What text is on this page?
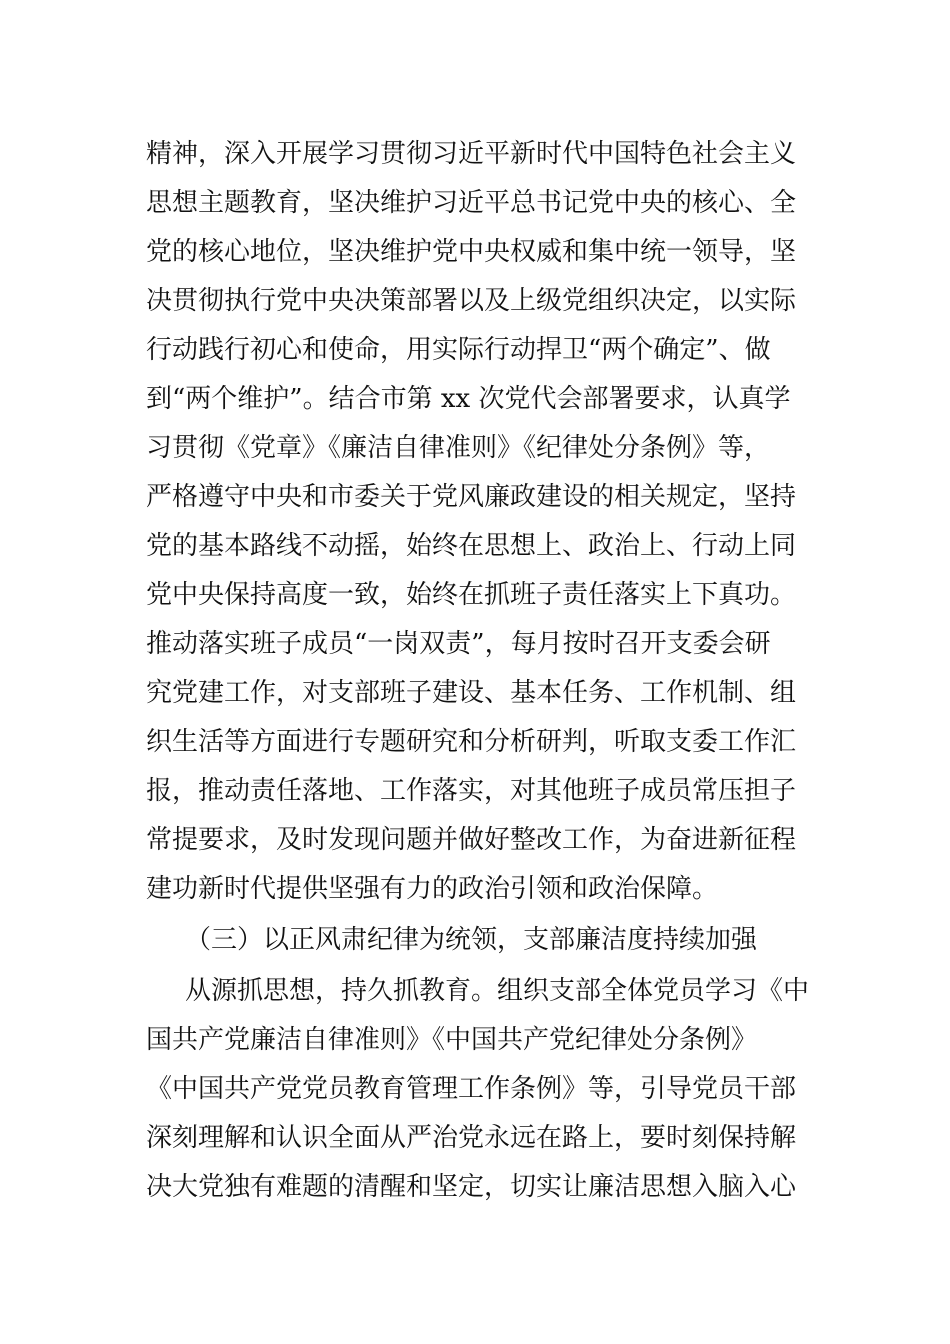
精神，深入开展学习贯彻习近平新时代中国特色社会主义
思想主题教育，坚决维护习近平总书记党中央的核心、全
党的核心地位，坚决维护党中央权威和集中统一领导，坚
决贯彻执行党中央决策部署以及上级党组织决定，以实际
行动践行初心和使命，用实际行动捍卫“两个确定”、做
到“两个维护”。结合市第 xx 次党代会部署要求，认真学
习贯彻《党章》《廉洁自律准则》《纪律处分条例》等，
严格遵守中央和市委关于党风廉政建设的相关规定，坚持
党的基本路线不动摇，始终在思想上、政治上、行动上同
党中央保持高度一致，始终在抓班子责任落实上下真功。
推动落实班子成员“一岗双责”，每月按时召开支委会研
究党建工作，对支部班子建设、基本任务、工作机制、组
织生活等方面进行专题研究和分析研判，听取支委工作汇
报，推动责任落地、工作落实，对其他班子成员常压担子
常提要求，及时发现问题并做好整改工作，为奋进新征程
建功新时代提供坚强有力的政治引领和政治保障。
（三）以正风肃纪律为统领，支部廉洁度持续加强
从源抓思想，持久抓教育。组织支部全体党员学习《中
国共产党廉洁自律准则》《中国共产党纪律处分条例》
《中国共产党党员教育管理工作条例》等，引导党员干部
深刻理解和认识全面从严治党永远在路上，要时刻保持解
决大党独有难题的清醒和坚定，切实让廉洁思想入脑入心
